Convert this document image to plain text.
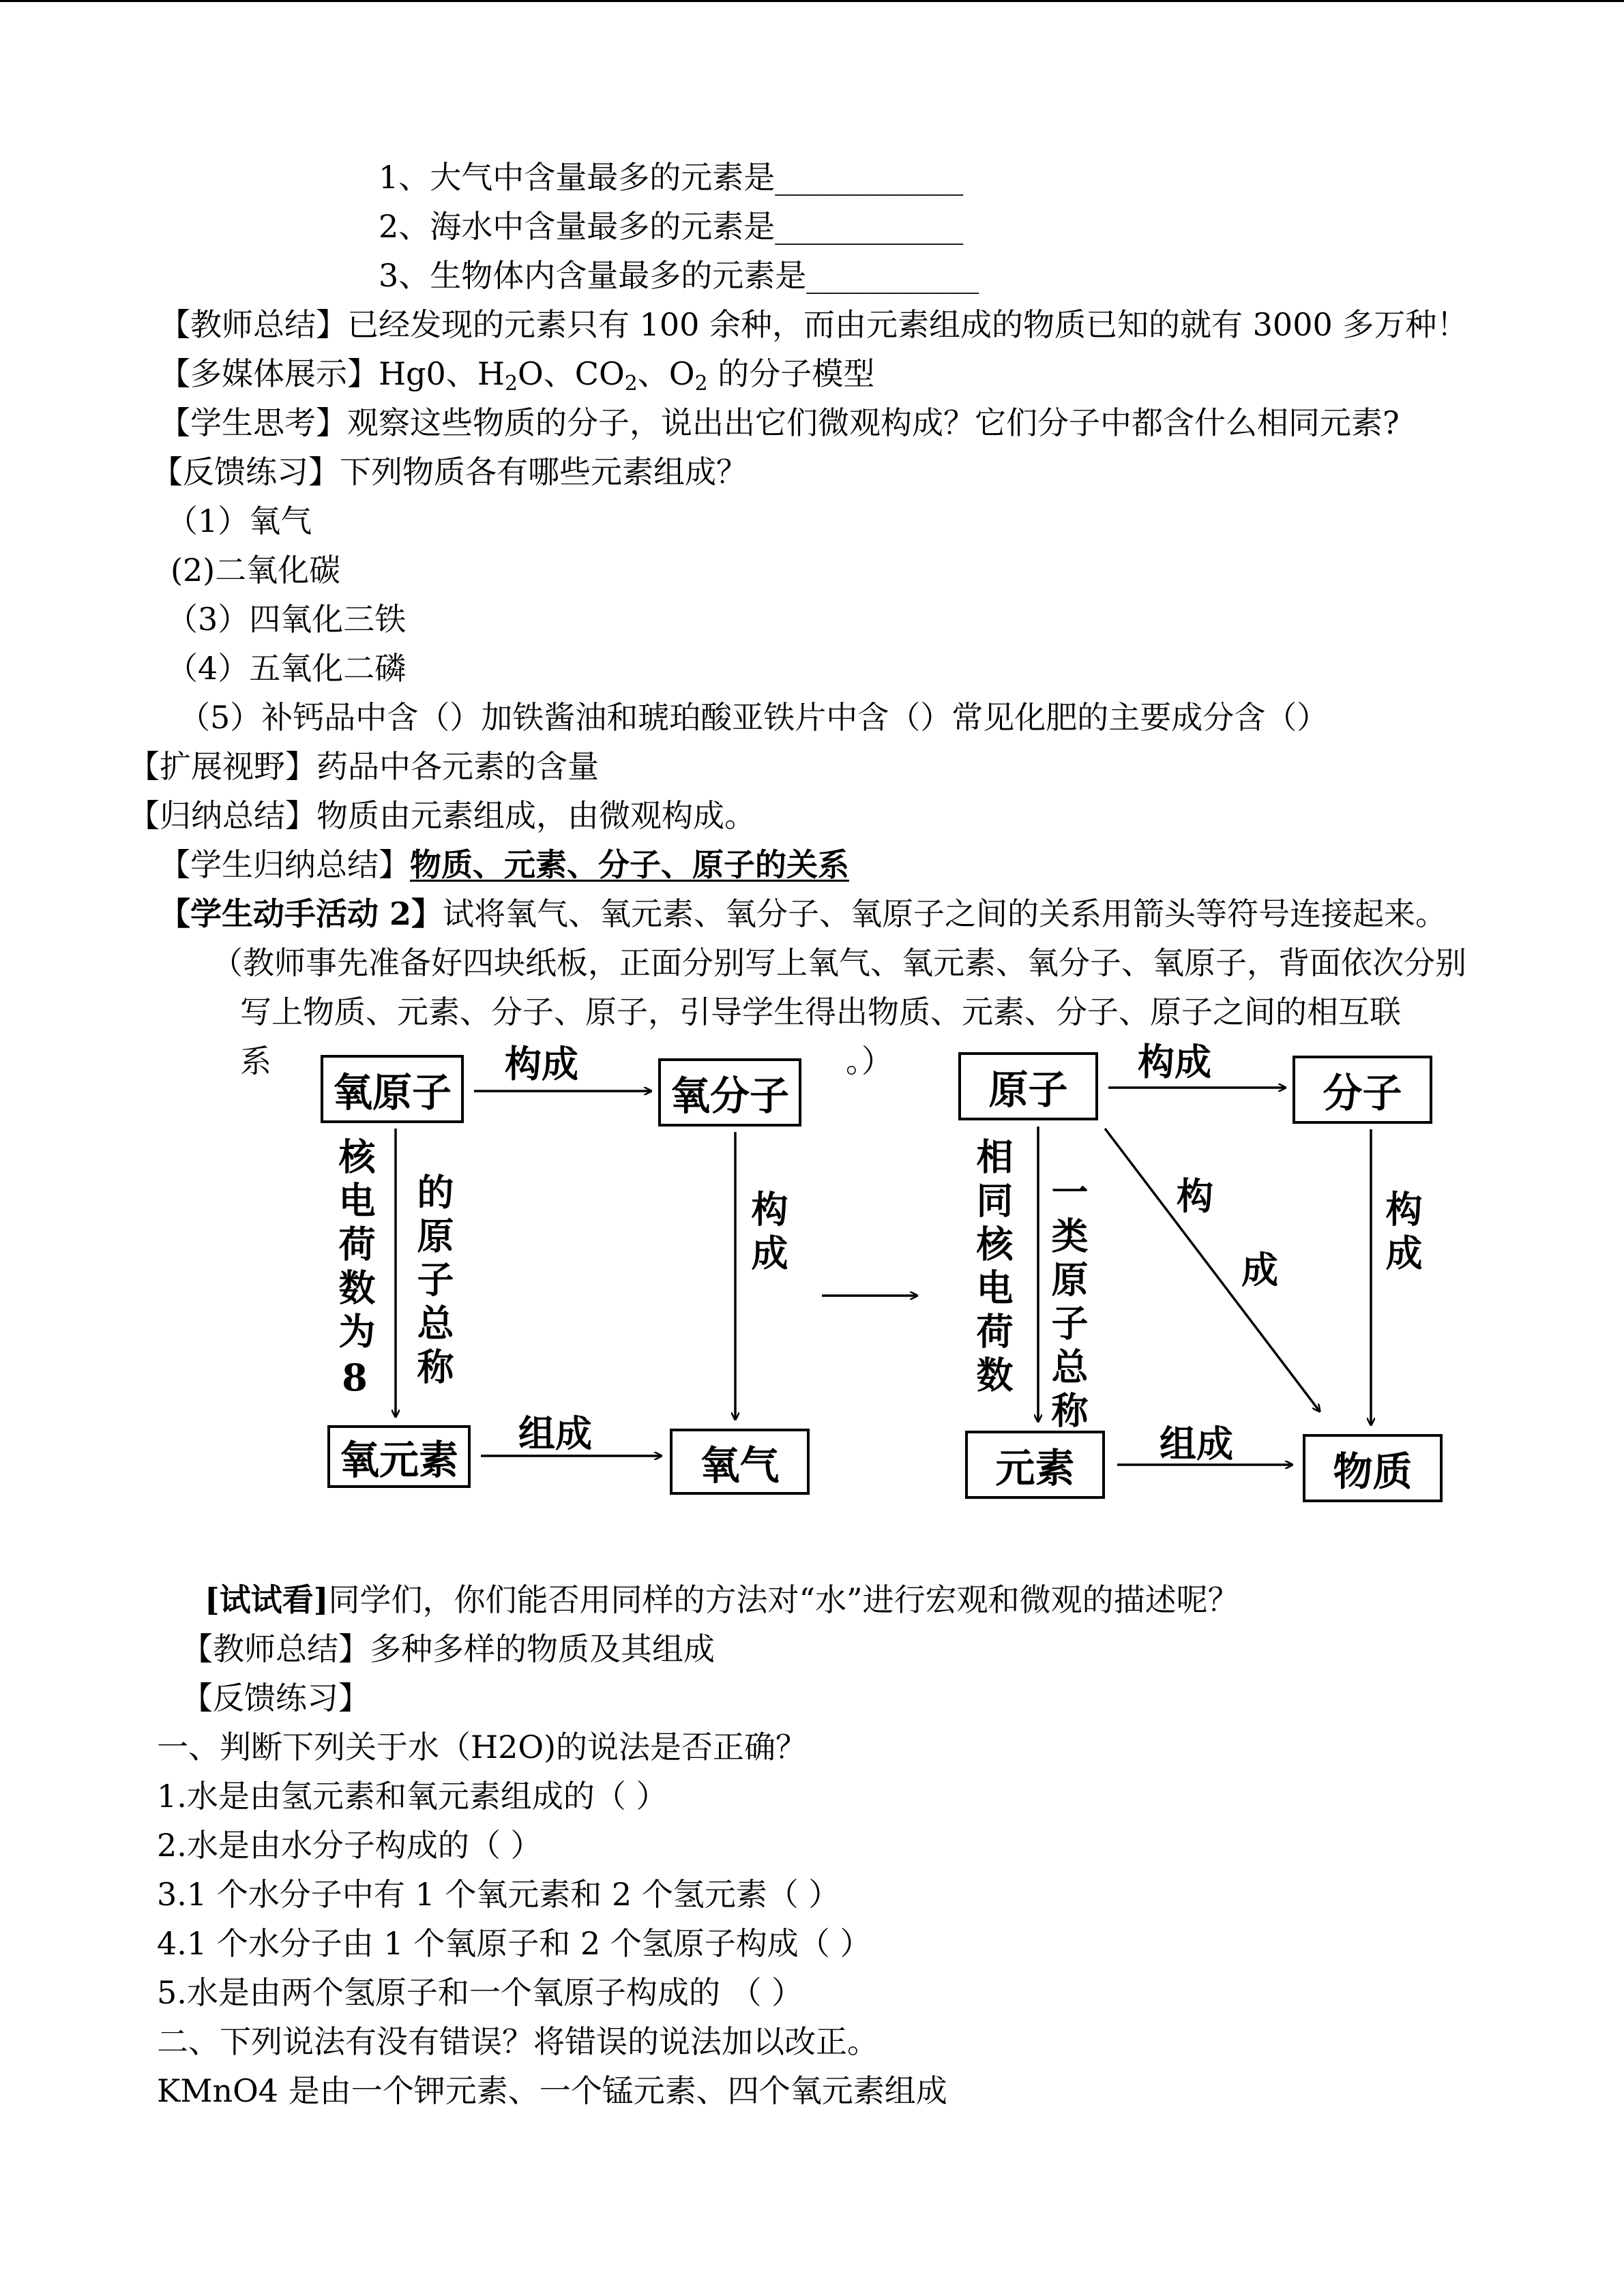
1、大气中含量最多的元素是____________
2、海水中含量最多的元素是____________
3、生物体内含量最多的元素是___________
【教师总结】已经发现的元素只有 100 余种，而由元素组成的物质已知的就有 3000 多万种！
【多媒体展示】Hg0、$H_2O$、$CO_2$、$O_2$ 的分子模型
【学生思考】观察这些物质的分子，说出出它们微观构成？它们分子中都含什么相同元素?
【反馈练习】下列物质各有哪些元素组成？
（1）氧气
(2)二氧化碳
（3）四氧化三铁
（4）五氧化二磷
（5）补钙品中含（）加铁酱油和琥珀酸亚铁片中含（）常见化肥的主要成分含（）
【扩展视野】药品中各元素的含量
【归纳总结】物质由元素组成，由微观构成。
【学生归纳总结】物质、元素、分子、原子的关系
【学生动手活动 2】试将氧气、氧元素、氧分子、氧原子之间的关系用箭头等符号连接起来。
（教师事先准备好四块纸板，正面分别写上氧气、氧元素、氧分子、氧原子，背面依次分别
写上物质、元素、分子、原子，引导学生得出物质、元素、分子、原子之间的相互联
系	。）
氧原子	氧分子
氧元素	氧气
构成
组成
构成
核电荷数为8 的原子总称
原子	分子
元素	物质
构成
组成
构成
构
成
相同核电荷数 一类原子总称
[试试看]同学们，你们能否用同样的方法对“水”进行宏观和微观的描述呢？
【教师总结】多种多样的物质及其组成
【反馈练习】
一、判断下列关于水（H2O)的说法是否正确？
1.水是由氢元素和氧元素组成的（ ）
2.水是由水分子构成的（ ）
3.1 个水分子中有 1 个氧元素和 2 个氢元素（ ）
4.1 个水分子由 1 个氧原子和 2 个氢原子构成（ ）
5.水是由两个氢原子和一个氧原子构成的 （ ）
二、下列说法有没有错误？将错误的说法加以改正。
KMnO4 是由一个钾元素、一个锰元素、四个氧元素组成
